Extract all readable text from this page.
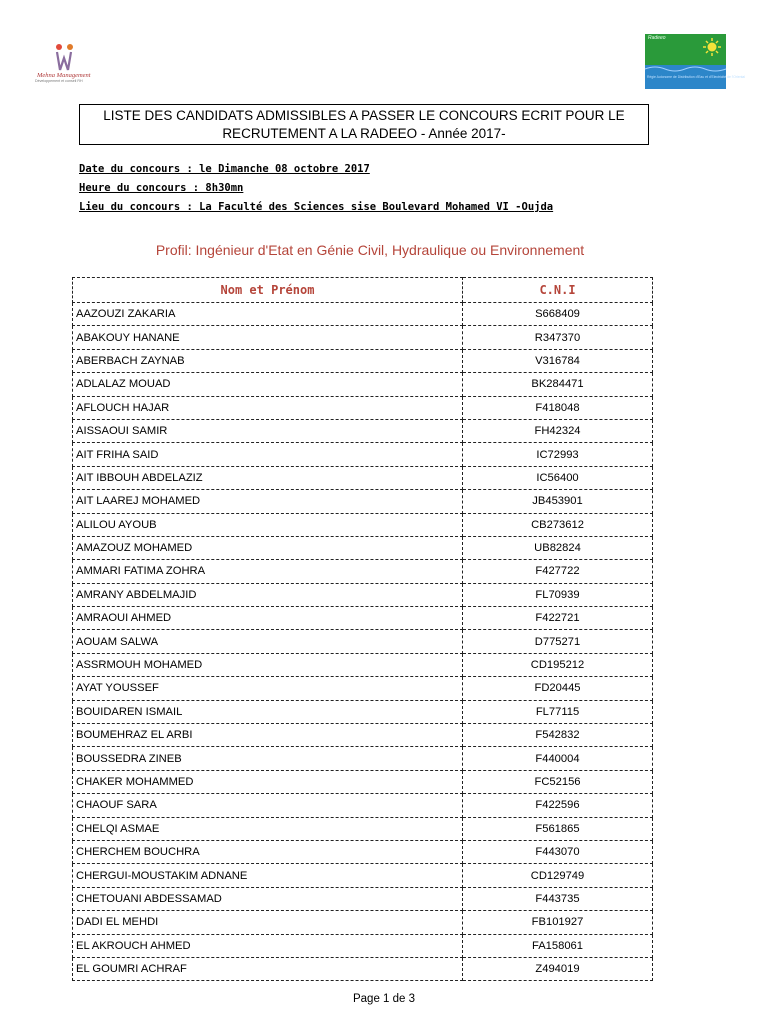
Mehna Management
Développement et conseil RH
Radeeo
Régie Autonome de Distribution d'Eau et d'Electricité de l'Oriental
LISTE DES CANDIDATS ADMISSIBLES A PASSER LE CONCOURS ECRIT POUR LE RECRUTEMENT A LA RADEEO - Année 2017-
Date du concours : le Dimanche 08 octobre 2017
Heure du concours : 8h30mn
Lieu du concours : La Faculté des Sciences sise Boulevard Mohamed VI -Oujda
Profil: Ingénieur d'Etat en Génie Civil, Hydraulique ou Environnement
Nom et Prénom	C.N.I
AAZOUZI ZAKARIA	S668409
ABAKOUY HANANE	R347370
ABERBACH ZAYNAB	V316784
ADLALAZ MOUAD	BK284471
AFLOUCH HAJAR	F418048
AISSAOUI SAMIR	FH42324
AIT FRIHA SAID	IC72993
AIT IBBOUH ABDELAZIZ	IC56400
AIT LAAREJ MOHAMED	JB453901
ALILOU AYOUB	CB273612
AMAZOUZ MOHAMED	UB82824
AMMARI FATIMA ZOHRA	F427722
AMRANY ABDELMAJID	FL70939
AMRAOUI AHMED	F422721
AOUAM SALWA	D775271
ASSRMOUH MOHAMED	CD195212
AYAT YOUSSEF	FD20445
BOUIDAREN ISMAIL	FL77115
BOUMEHRAZ EL ARBI	F542832
BOUSSEDRA ZINEB	F440004
CHAKER MOHAMMED	FC52156
CHAOUF SARA	F422596
CHELQI ASMAE	F561865
CHERCHEM BOUCHRA	F443070
CHERGUI-MOUSTAKIM ADNANE	CD129749
CHETOUANI ABDESSAMAD	F443735
DADI EL MEHDI	FB101927
EL AKROUCH AHMED	FA158061
EL GOUMRI ACHRAF	Z494019
Page 1 de 3
